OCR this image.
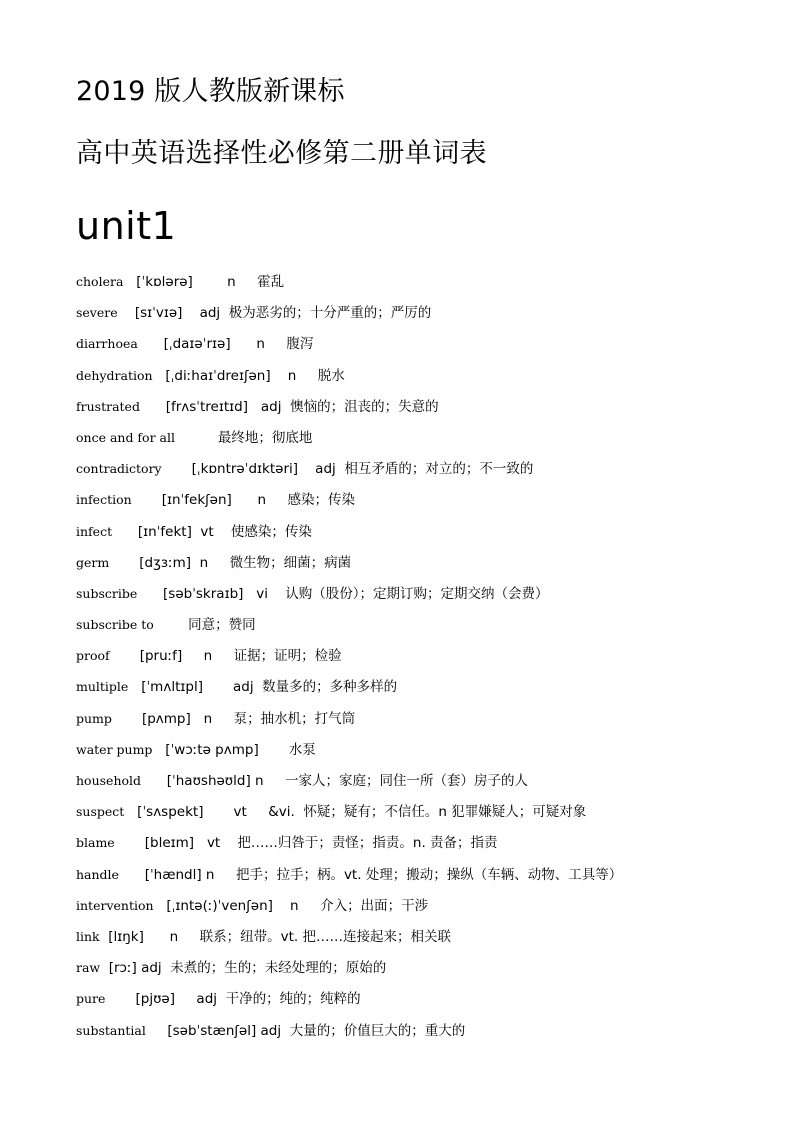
2019 版人教版新课标
高中英语选择性必修第二册单词表
unit1
cholera   [ˈkɒlərə]        n     霍乱
severe    [sɪˈvɪə]    adj  极为恶劣的；十分严重的；严厉的
diarrhoea      [ˌdaɪəˈrɪə]      n     腹泻
dehydration   [ˌdiːhaɪˈdreɪʃən]    n     脱水
frustrated      [frʌsˈtreɪtɪd]   adj  懊恼的；沮丧的；失意的
once and for all          最终地；彻底地
contradictory       [ˌkɒntrəˈdɪktəri]    adj  相互矛盾的；对立的；不一致的
infection       [ɪnˈfekʃən]      n     感染；传染
infect      [ɪnˈfekt]  vt    使感染；传染
germ       [dʒɜːm]  n     微生物；细菌；病菌
subscribe      [səbˈskraɪb]   vi    认购（股份）；定期订购；定期交纳（会费）
subscribe to        同意；赞同
proof       [pruːf]     n     证据；证明；检验
multiple   [ˈmʌltɪpl]       adj  数量多的；多种多样的
pump       [pʌmp]   n     泵；抽水机；打气筒
water pump   [ˈwɔːtə pʌmp]       水泵
household      [ˈhaʊshəʊld] n     一家人；家庭；同住一所（套）房子的人
suspect   [ˈsʌspekt]       vt     &vi.  怀疑；疑有；不信任。n 犯罪嫌疑人；可疑对象
blame       [bleɪm]   vt    把……归咎于；责怪；指责。n. 责备；指责
handle      [ˈhændl] n     把手；拉手；柄。vt. 处理；搬动；操纵（车辆、动物、工具等）
intervention   [ˌɪntə(ː)ˈvenʃən]    n     介入；出面；干涉
link  [lɪŋk]      n     联系；纽带。vt. 把……连接起来；相关联
raw  [rɔː] adj  未煮的；生的；未经处理的；原始的
pure       [pjʊə]     adj  干净的；纯的；纯粹的
substantial     [səbˈstænʃəl] adj  大量的；价值巨大的；重大的
